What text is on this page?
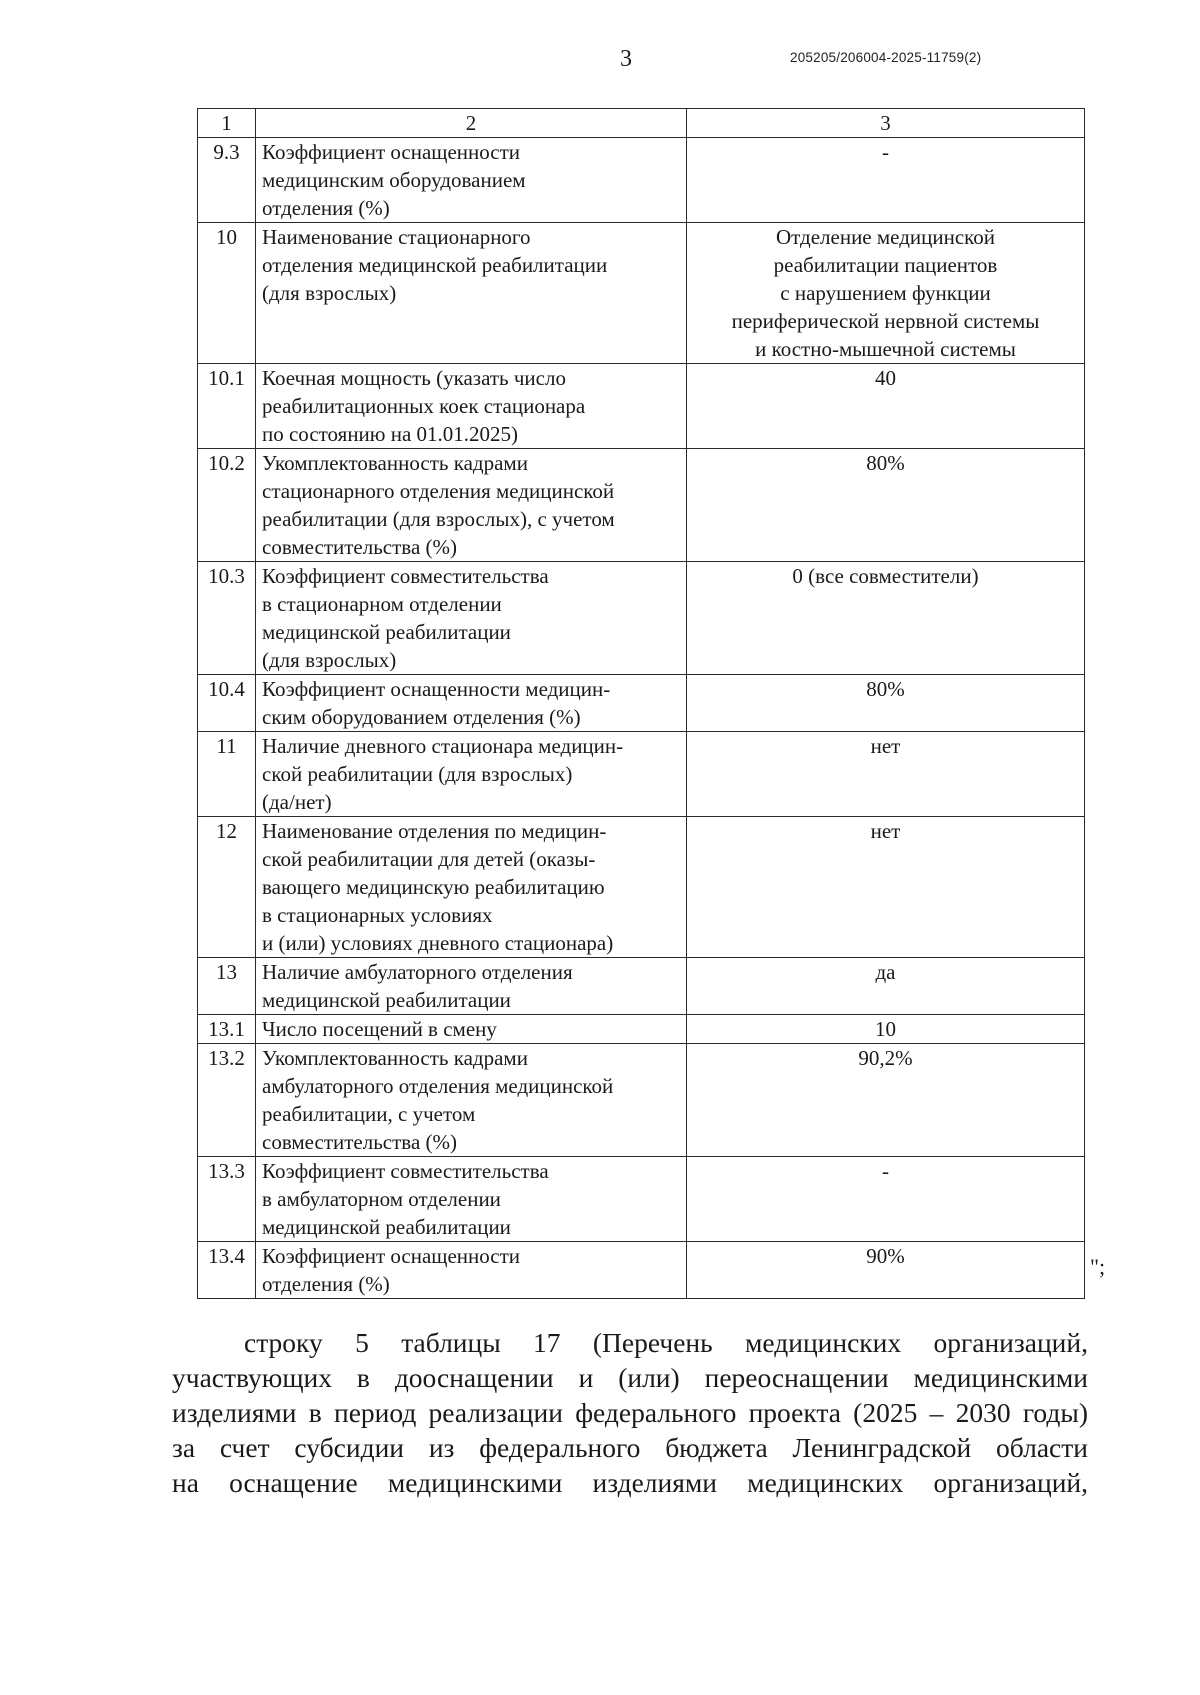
3	205205/206004-2025-11759(2)
1	2	3
9.3	Коэффициент оснащенности
медицинским оборудованием
отделения (%)	-

10	Наименование стационарного
отделения медицинской реабилитации
(для взрослых)	Отделение медицинской
реабилитации пациентов
с нарушением функции
периферической нервной системы
и костно-мышечной системы

10.1	Коечная мощность (указать число
реабилитационных коек стационара
по состоянию на 01.01.2025)	40

10.2	Укомплектованность кадрами
стационарного отделения медицинской
реабилитации (для взрослых), с учетом
совместительства (%)	80%

10.3	Коэффициент совместительства
в стационарном отделении
медицинской реабилитации
(для взрослых)	0 (все совместители)

10.4	Коэффициент оснащенности медицин-
ским оборудованием отделения (%)	80%

11	Наличие дневного стационара медицин-
ской реабилитации (для взрослых)
(да/нет)	нет

12	Наименование отделения по медицин-
ской реабилитации для детей (оказы-
вающего медицинскую реабилитацию
в стационарных условиях
и (или) условиях дневного стационара)	нет

13	Наличие амбулаторного отделения
медицинской реабилитации	да

13.1	Число посещений в смену	10

13.2	Укомплектованность кадрами
амбулаторного отделения медицинской
реабилитации, с учетом
совместительства (%)	90,2%

13.3	Коэффициент совместительства
в амбулаторном отделении
медицинской реабилитации	-

13.4	Коэффициент оснащенности
отделения (%)	90%	";
строку 5 таблицы 17 (Перечень медицинских организаций,
участвующих в дооснащении и (или) переоснащении медицинскими
изделиями в период реализации федерального проекта (2025 – 2030 годы)
за счет субсидии из федерального бюджета Ленинградской области
на оснащение медицинскими изделиями медицинских организаций,
